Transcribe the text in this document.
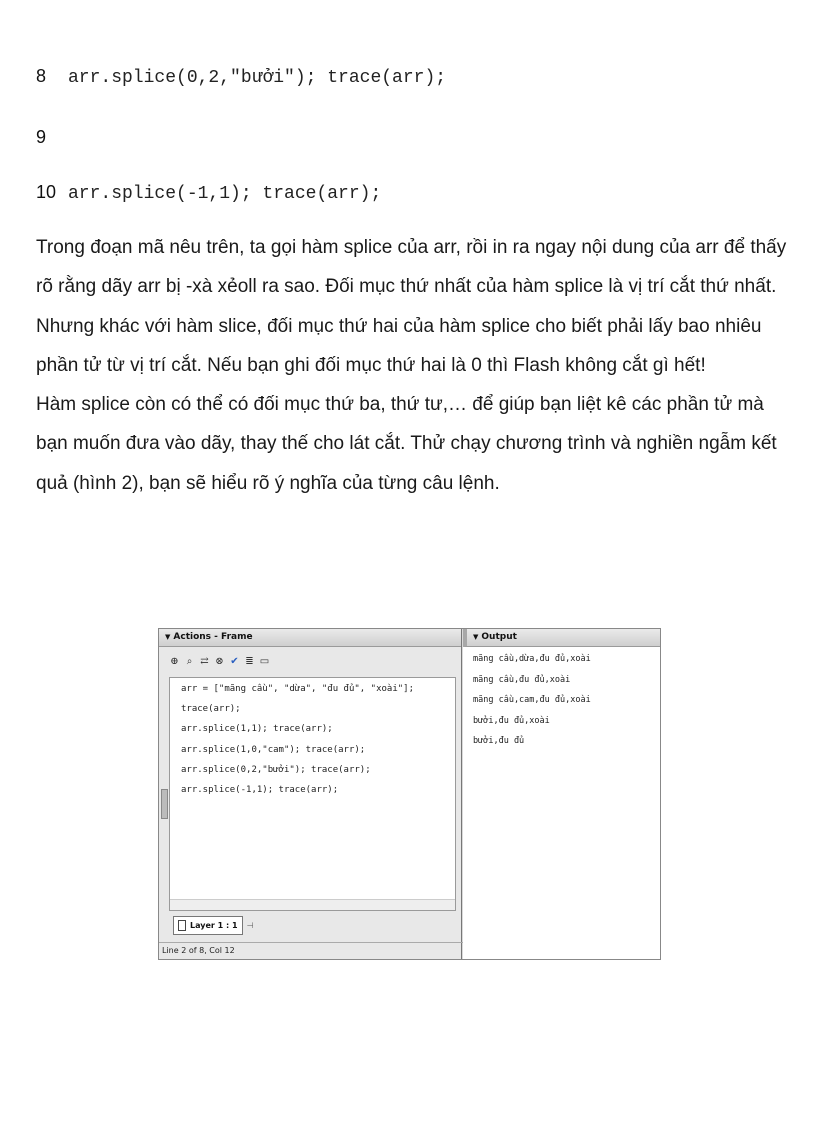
8	arr.splice(0,2,"bưởi"); trace(arr);
9
10 arr.splice(-1,1); trace(arr);

Trong đoạn mã nêu trên, ta gọi hàm splice của arr, rồi in ra ngay nội dung của arr để thấy rõ rằng dãy arr bị -xà xẻoll ra sao. Đối mục thứ nhất của hàm splice là vị trí cắt thứ nhất. Nhưng khác với hàm slice, đối mục thứ hai của hàm splice cho biết phải lấy bao nhiêu phần tử từ vị trí cắt. Nếu bạn ghi đối mục thứ hai là 0 thì Flash không cắt gì hết!

Hàm splice còn có thể có đối mục thứ ba, thứ tư,… để giúp bạn liệt kê các phần tử mà bạn muốn đưa vào dãy, thay thế cho lát cắt. Thử chạy chương trình và nghiền ngẫm kết quả (hình 2), bạn sẽ hiểu rõ ý nghĩa của từng câu lệnh.

▼ Actions - Frame
⊕ ⌕ ⇄ ⊗ ✔ ≣ ▭
arr = ["mãng cầu", "dừa", "đu đủ", "xoài"];
trace(arr);
arr.splice(1,1); trace(arr);
arr.splice(1,0,"cam"); trace(arr);
arr.splice(0,2,"bưởi"); trace(arr);
arr.splice(-1,1); trace(arr);
Layer 1 : 1 ⊣
Line 2 of 8, Col 12
▼ Output
mãng cầu,dừa,đu đủ,xoài
mãng cầu,đu đủ,xoài
mãng cầu,cam,đu đủ,xoài
bưởi,đu đủ,xoài
bưởi,đu đủ
